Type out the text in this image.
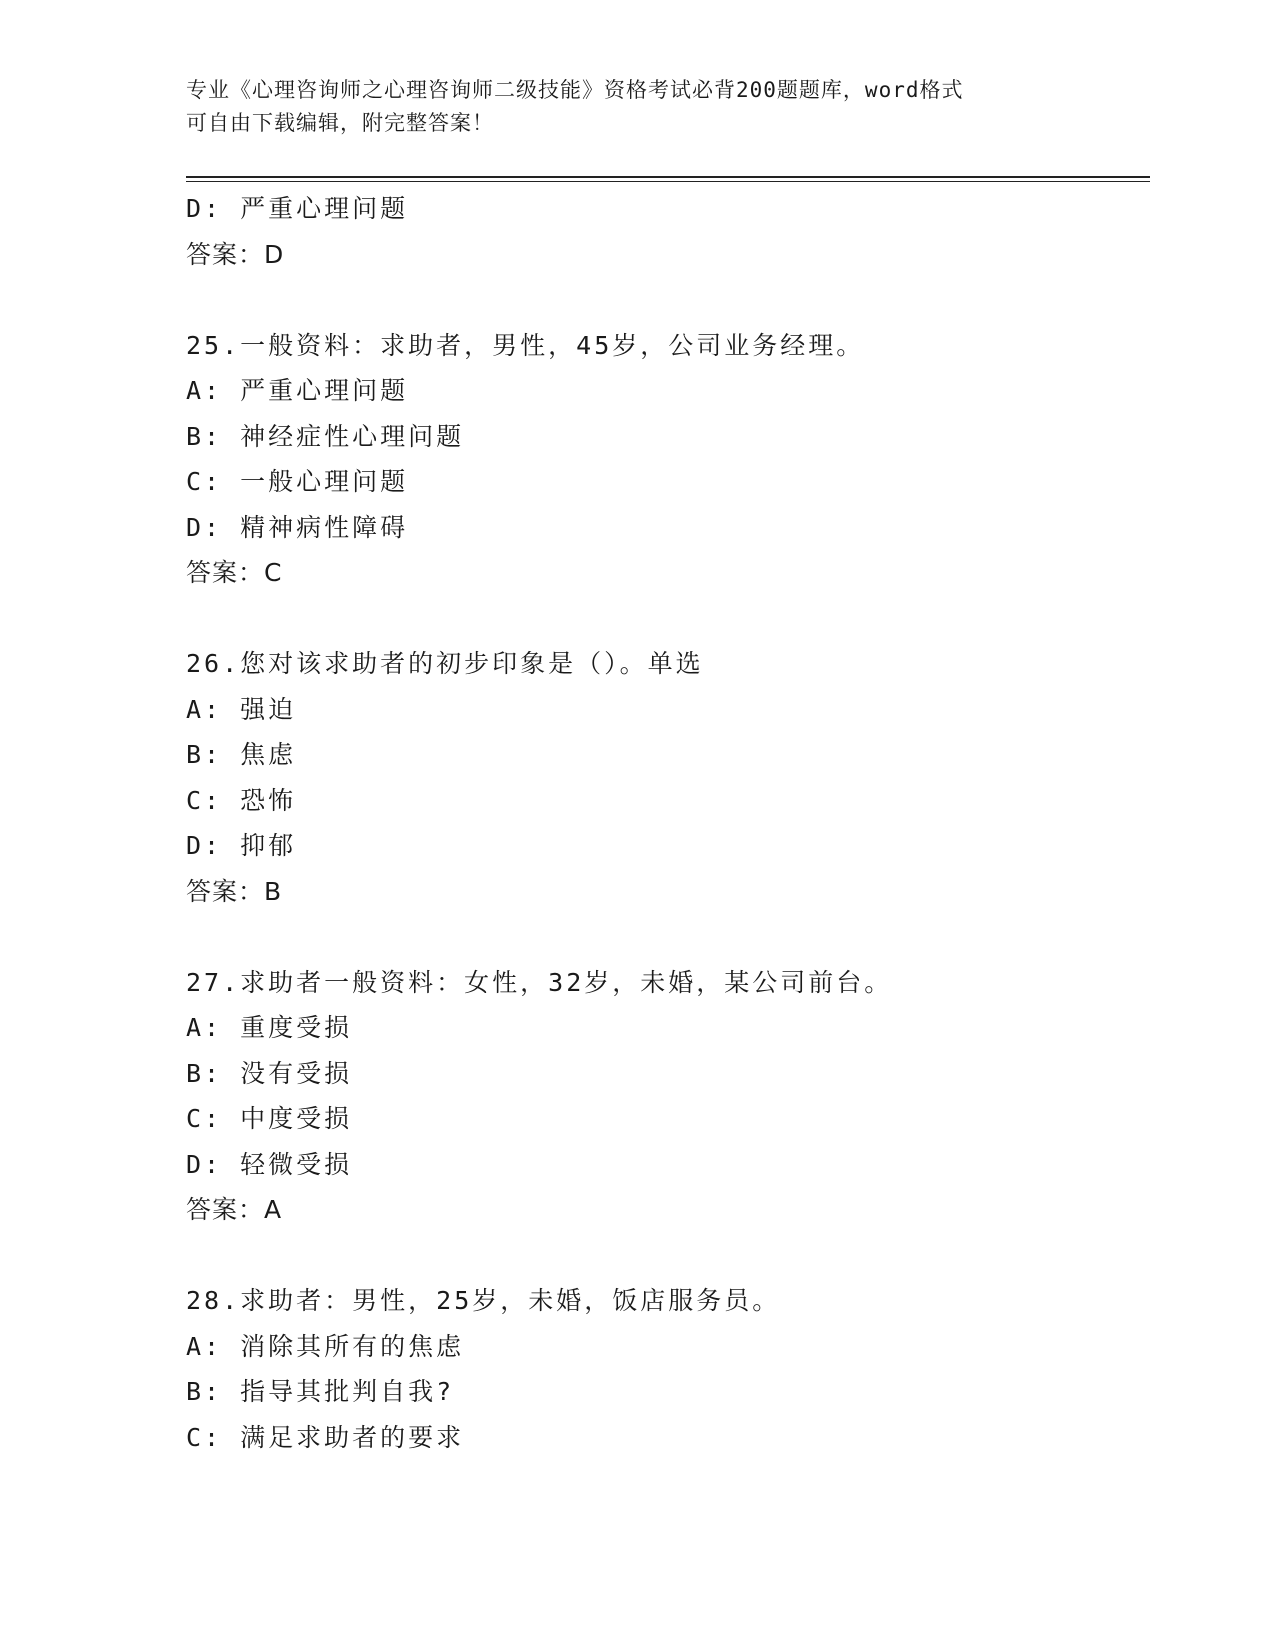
专业《心理咨询师之心理咨询师二级技能》资格考试必背200题题库，word格式
可自由下载编辑，附完整答案！
D: 严重心理问题
答案：D
25.一般资料：求助者，男性，45岁，公司业务经理。
A: 严重心理问题
B: 神经症性心理问题
C: 一般心理问题
D: 精神病性障碍
答案：C
26.您对该求助者的初步印象是（）。单选
A: 强迫
B: 焦虑
C: 恐怖
D: 抑郁
答案：B
27.求助者一般资料：女性，32岁，未婚，某公司前台。
A: 重度受损
B: 没有受损
C: 中度受损
D: 轻微受损
答案：A
28.求助者：男性，25岁，未婚，饭店服务员。
A: 消除其所有的焦虑
B: 指导其批判自我?
C: 满足求助者的要求
